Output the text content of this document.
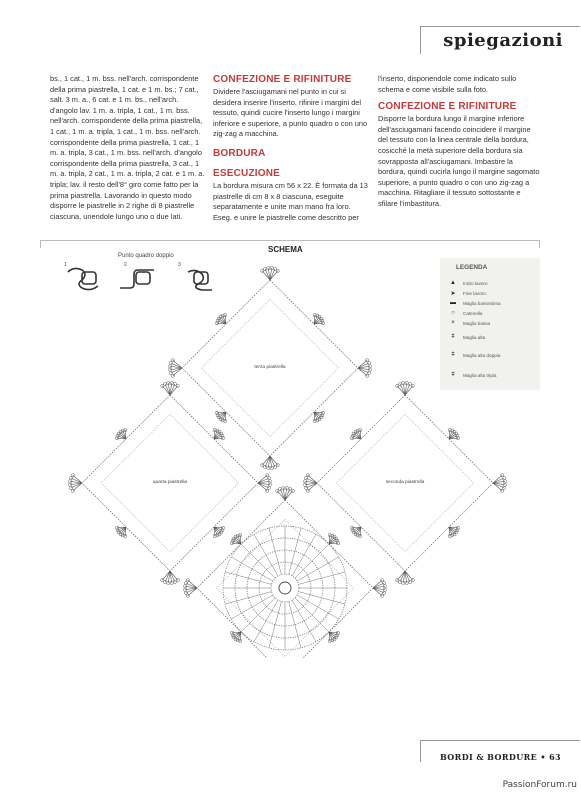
spiegazioni

bs., 1 cat., 1 m. bss. nell'arch. corrispondente della prima piastrella, 1 cat. e 1 m. bs.; 7 cat., salt. 3 m. a., 6 cat. e 1 m. bs., nell'arch. d'angolo lav. 1 m. a. tripla, 1 cat., 1 m. bss. nell'arch. corrispondente della prima piastrella, 1 cat., 1 m. a. tripla, 1 cat., 1 m. bss. nell'arch. corrispondente della prima piastrella, 1 cat., 1 m. a. tripla, 3 cat., 1 m. bss. nell'arch. d'angolo corrispondente della prima piastrella, 3 cat., 1 m. a. tripla, 2 cat., 1 m. a. tripla, 2 cat. e 1 m. a. tripla; lav. il resto dell'8° giro come fatto per la prima piastrella. Lavorando in questo modo disporre le piastrelle in 2 righe di 8 piastrelle ciascuna, unendole lungo uno o due lati.

CONFEZIONE E RIFINITURE

Dividere l'asciugamani nel punto in cui si desidera inserire l'inserto, rifinire i margini del tessuto, quindi cucire l'inserto lungo i margini inferiore e superiore, a punto quadro o con uno zig-zag a macchina.

BORDURA
ESECUZIONE

La bordura misura cm 56 x 22. È formata da 13 piastrelle di cm 8 x 8 ciascuna, eseguite separatamente e unite man mano fra loro. Eseg. e unire le piastrelle come descritto per

l'inserto, disponendole come indicato sullo schema e come visibile sulla foto.

CONFEZIONE E RIFINITURE

Disporre la bordura lungo il margine inferiore dell'asciugamani facendo coincidere il margine del tessuto con la linea centrale della bordura, cosicché la metà superiore della bordura sia sovrapposta all'asciugamani. Imbastire la bordura, quindi cucirla lungo il margine sagomato superiore, a punto quadro o con uno zig-zag a macchina. Ritagliare il tessuto sottostante e sfilare l'imbastitura.

SCHEMA
Punto quadro doppio
1	2	3
terza piastrella
quarta piastrella	seconda piastrella
LEGENDA
▲	Inizio lavoro
➤	Fine lavoro
▬	Maglia bassissima
○	Catenella
×	Maglia bassa
ǂ	Maglia alta
ǂ	Maglia alta doppia
ǂ	Maglia alta tripla
BORDI & BORDURE • 63
PassionForum.ru
